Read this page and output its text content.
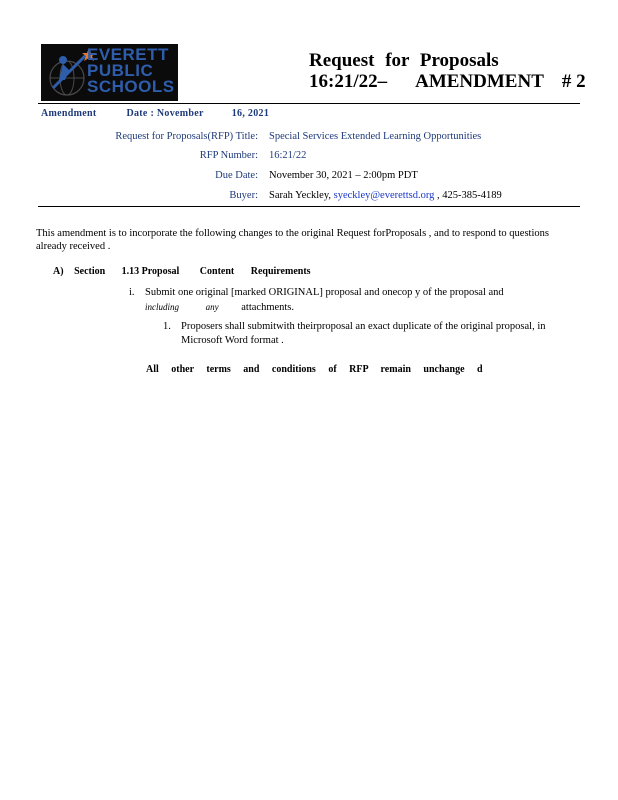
EVERETT
PUBLIC
SCHOOLS
Request for Proposals
16:21/22– AMENDMENT # 2
Amendment	Date : November	16, 2021
Request for Proposals(RFP) Title: Special Services Extended Learning Opportunities
RFP Number: 16:21/22
Due Date: November 30, 2021 – 2:00pm PDT
Buyer: Sarah Yeckley, syeckley@everettsd.org , 425-385-4189
This amendment is to incorporate the following changes to the original Request forProposals , and to respond to questions already received .
A) Section 1.13 Proposal Content Requirements
i. Submit one original [marked ORIGINAL] proposal and onecop y of the proposal and
including	any attachments.
1. Proposers shall submitwith theirproposal an exact duplicate of the original proposal, in Microsoft Word format .
All other terms and conditions of RFP remain unchange d
